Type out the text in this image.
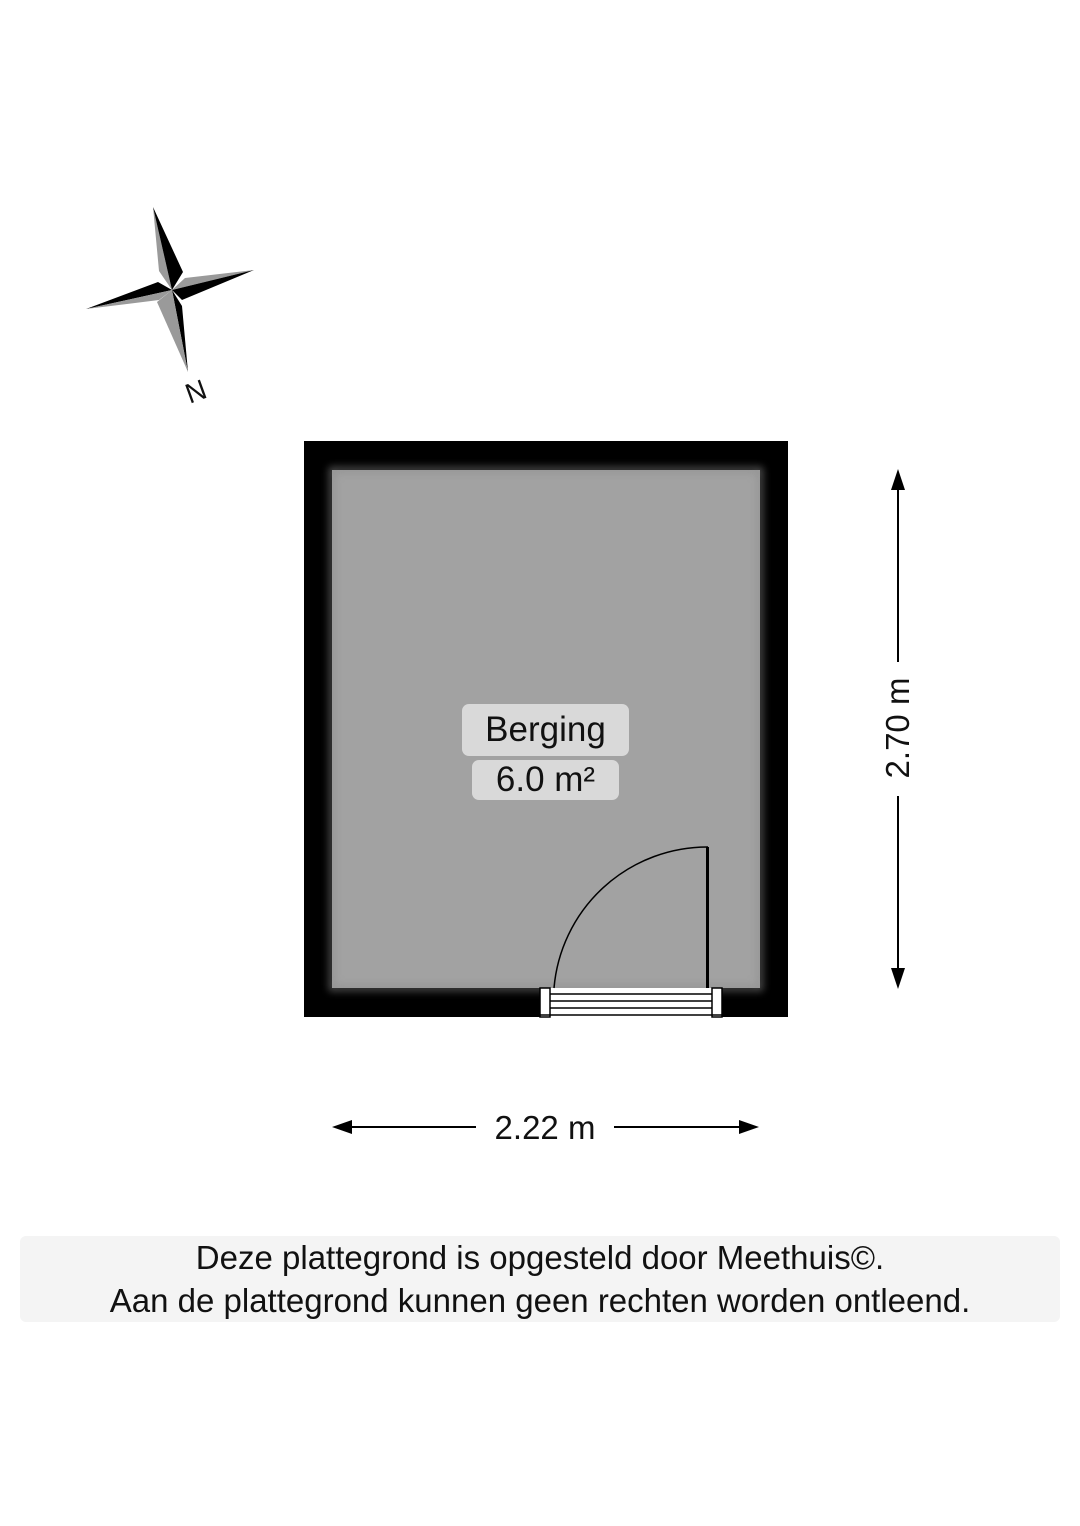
N
Berging
6.0 m²
2.22 m
2.70 m
Deze plattegrond is opgesteld door Meethuis©.
Aan de plattegrond kunnen geen rechten worden ontleend.
